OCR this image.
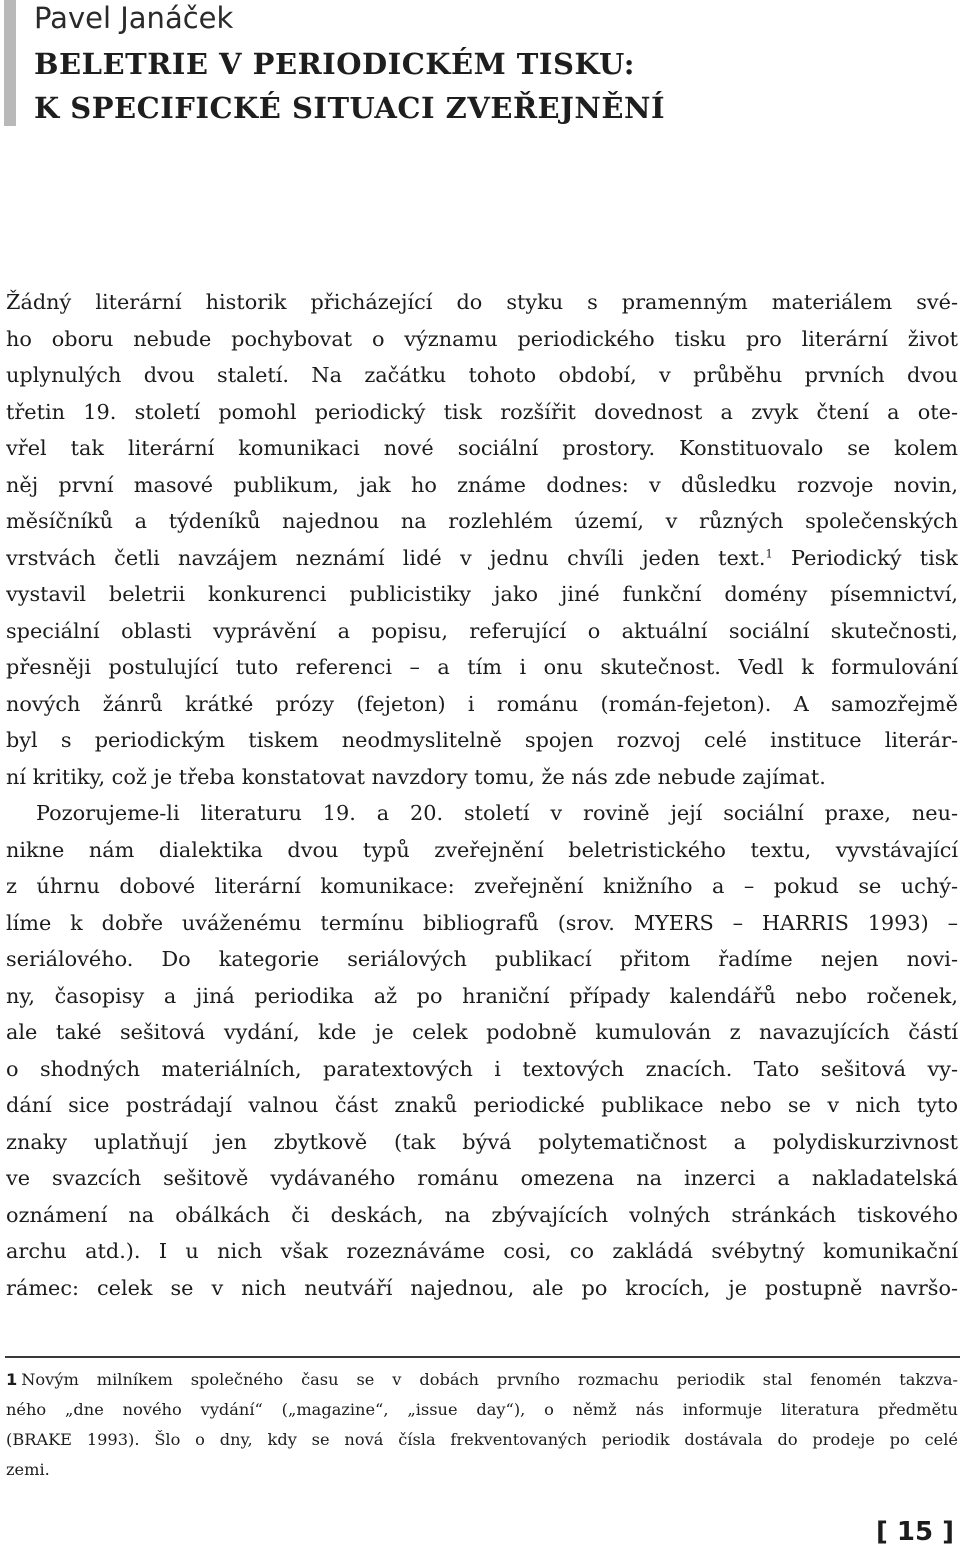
Pavel Janáček

BELETRIE V PERIODICKÉM TISKU:
K SPECIFICKÉ SITUACI ZVEŘEJNĚNÍ
Žádný literární historik přicházející do styku s pramenným materiálem své-
ho oboru nebude pochybovat o významu periodického tisku pro literární život
uplynulých dvou staletí. Na začátku tohoto období, v průběhu prvních dvou
třetin 19. století pomohl periodický tisk rozšířit dovednost a zvyk čtení a ote-
vřel tak literární komunikaci nové sociální prostory. Konstituovalo se kolem
něj první masové publikum, jak ho známe dodnes: v důsledku rozvoje novin,
měsíčníků a týdeníků najednou na rozlehlém území, v různých společenských
vrstvách četli navzájem neznámí lidé v jednu chvíli jeden text.$^1$ Periodický tisk
vystavil beletrii konkurenci publicistiky jako jiné funkční domény písemnictví,
speciální oblasti vyprávění a popisu, referující o aktuální sociální skutečnosti,
přesněji postulující tuto referenci – a tím i onu skutečnost. Vedl k formulování
nových žánrů krátké prózy (fejeton) i románu (román-fejeton). A samozřejmě
byl s periodickým tiskem neodmyslitelně spojen rozvoj celé instituce literár-
ní kritiky, což je třeba konstatovat navzdory tomu, že nás zde nebude zajímat.
Pozorujeme-li literaturu 19. a 20. století v rovině její sociální praxe, neu-
nikne nám dialektika dvou typů zveřejnění beletristického textu, vyvstávající
z úhrnu dobové literární komunikace: zveřejnění knižního a – pokud se uchý-
líme k dobře uváženému termínu bibliografů (srov. MYERS – HARRIS 1993) –
seriálového. Do kategorie seriálových publikací přitom řadíme nejen novi-
ny, časopisy a jiná periodika až po hraniční případy kalendářů nebo ročenek,
ale také sešitová vydání, kde je celek podobně kumulován z navazujících částí
o shodných materiálních, paratextových i textových znacích. Tato sešitová vy-
dání sice postrádají valnou část znaků periodické publikace nebo se v nich tyto
znaky uplatňují jen zbytkově (tak bývá polytematičnost a polydiskurzivnost
ve svazcích sešitově vydávaného románu omezena na inzerci a nakladatelská
oznámení na obálkách či deskách, na zbývajících volných stránkách tiskového
archu atd.). I u nich však rozeznáváme cosi, co zakládá svébytný komunikační
rámec: celek se v nich neutváří najednou, ale po krocích, je postupně navršo-
1 Novým milníkem společného času se v dobách prvního rozmachu periodik stal fenomén takzva-
ného „dne nového vydání“ („magazine“, „issue day“), o němž nás informuje literatura předmětu
(BRAKE 1993). Šlo o dny, kdy se nová čísla frekventovaných periodik dostávala do prodeje po celé
zemi.
[ 15 ]
